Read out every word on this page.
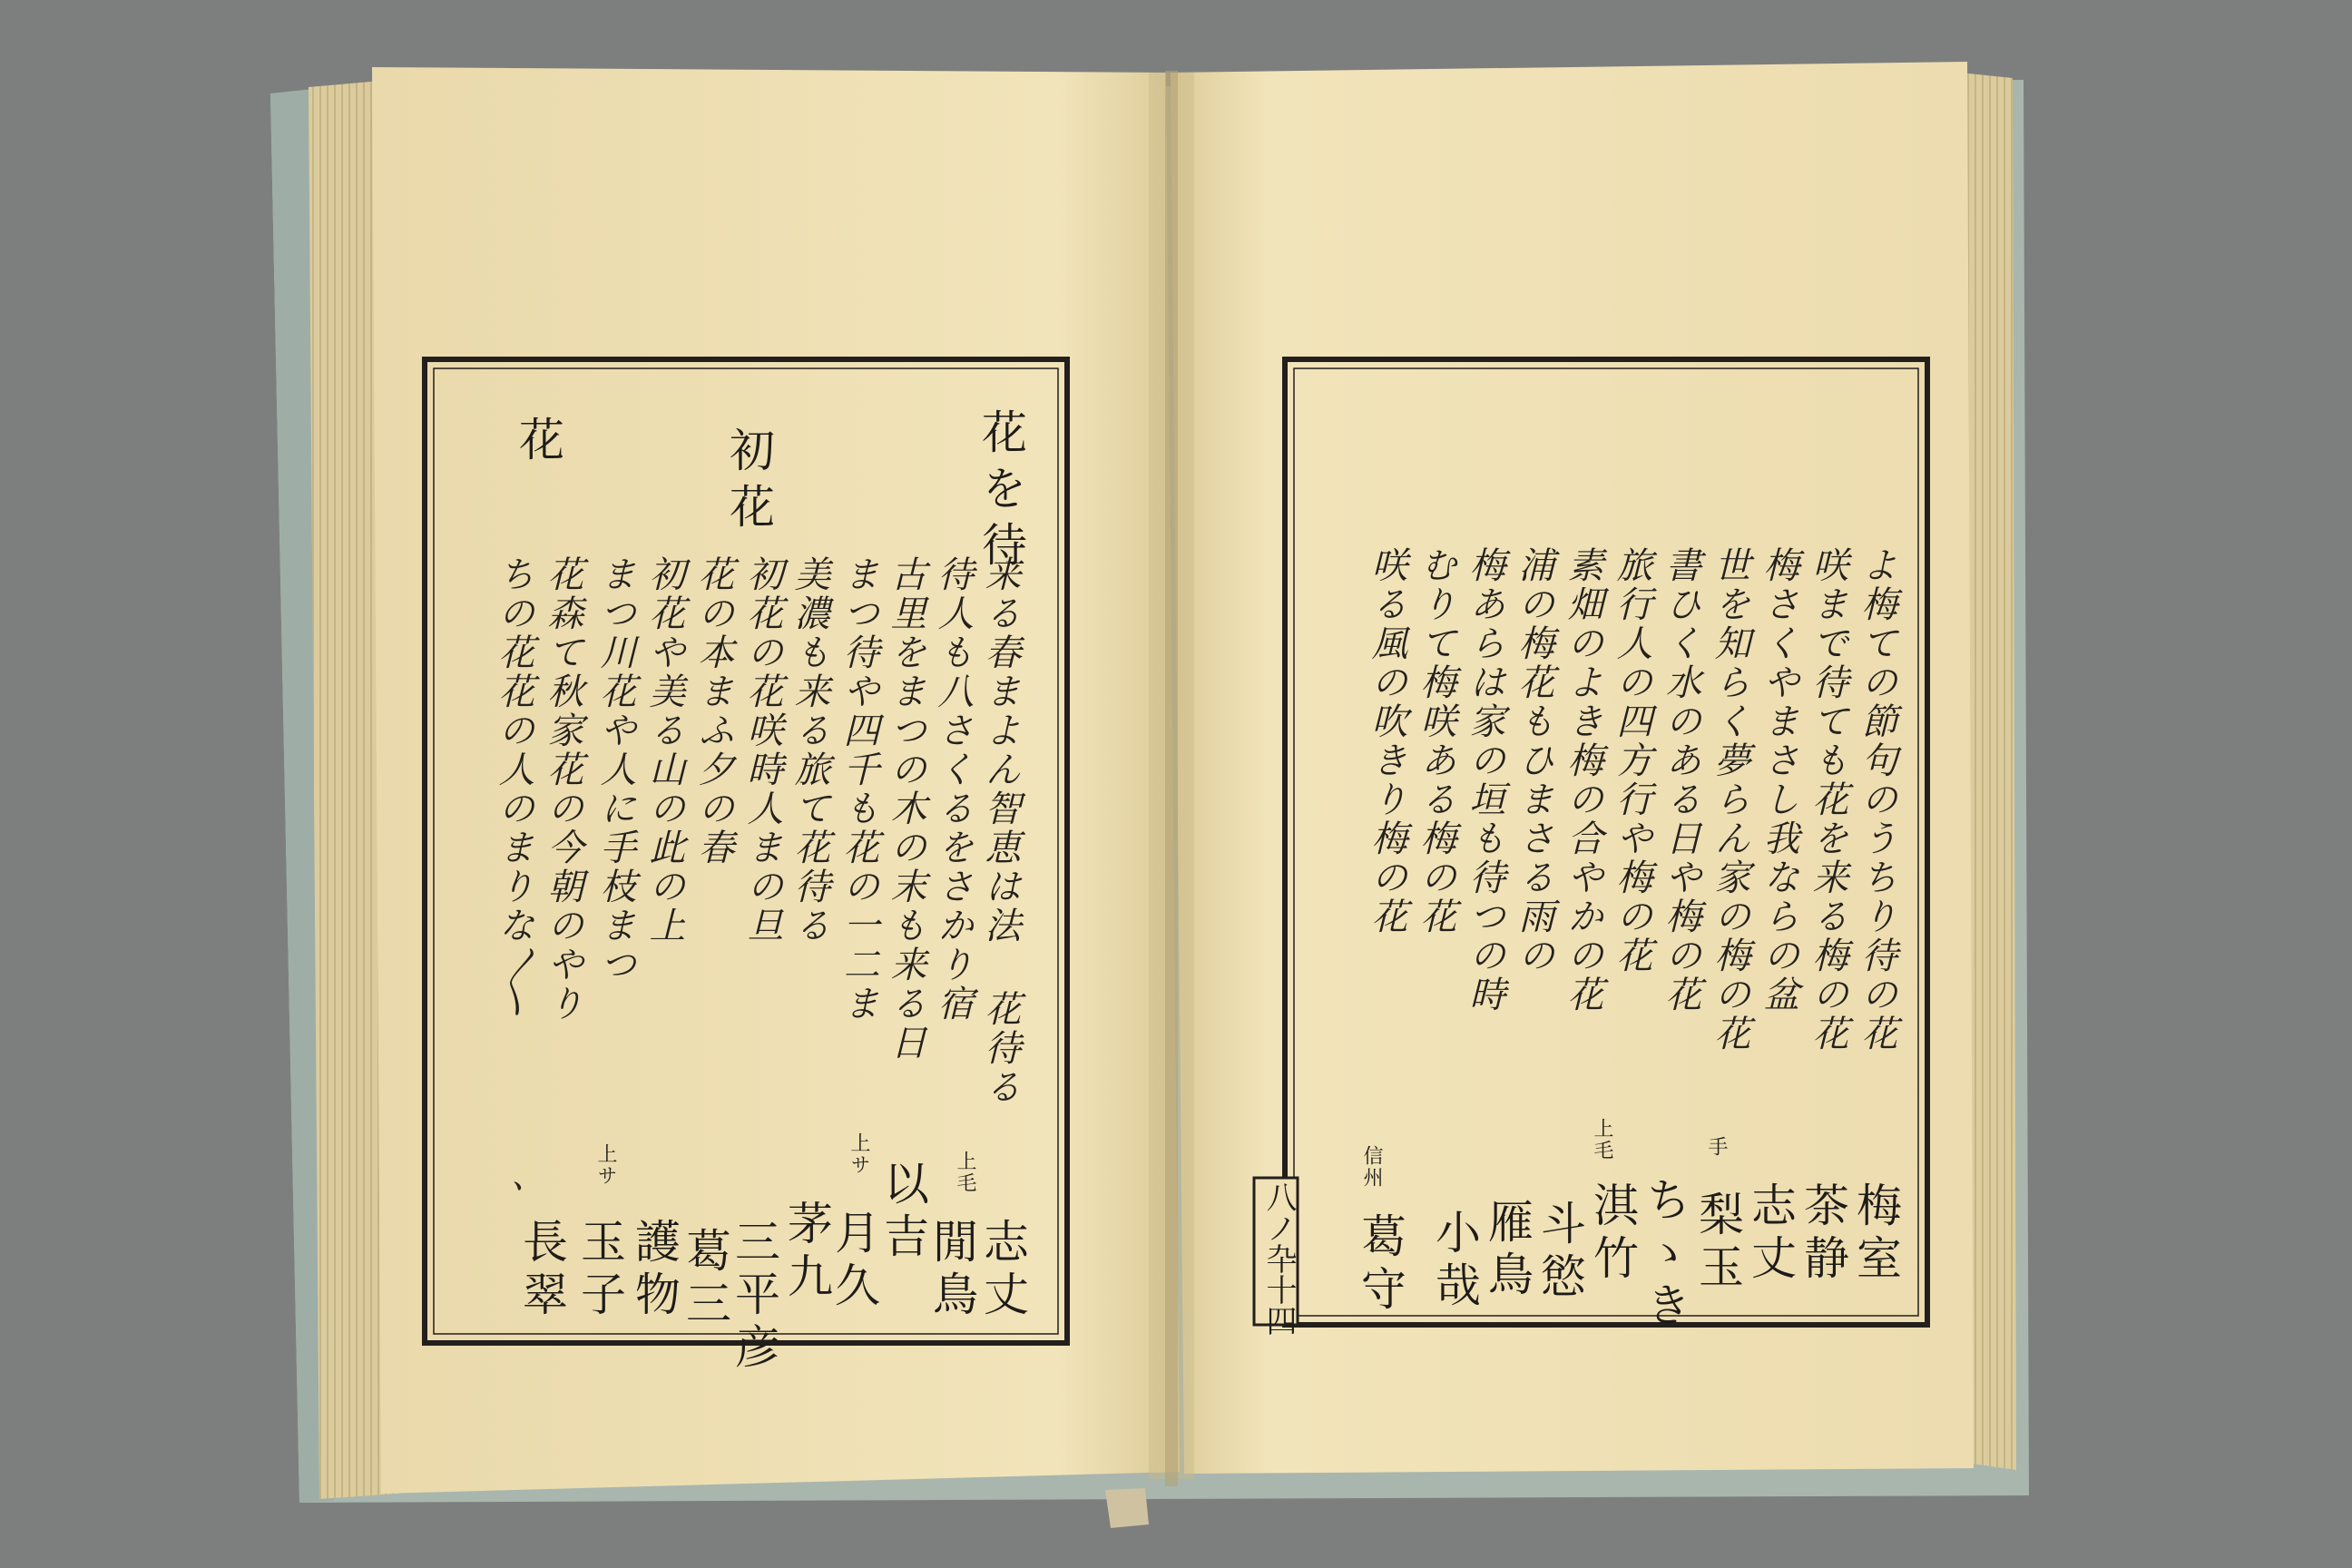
花を待
来る春まよん智恵は法 花待る
上毛
志丈
待人も八さくるをさかり宿
閒鳥
古里をまつの木の末も来る日
以吉
まつ待や四千も花の一二ま
上サ
月久
美濃も来る旅て花待る
茅九
初花
初花の花咲時人まの旦
三平彦
花の本まふ夕の春
葛三
初花や美る山の此の上
護物
まつ川花や人に手枝まつ
上サ
玉子
花
花森て秋家花の今朝のやり
長翠
ちの花花の人のまりな〳〵
、
よ梅ての節句のうちり待の花
梅室
咲まで待ても花を来る梅の花
茶静
梅さくやまさし我ならの盆
志丈
世を知らく夢らん家の梅の花
手
梨玉
書ひく水のある日や梅の花
ちゝき
旅行人の四方行や梅の花
上毛
淇竹
素畑のよき梅の合やかの花
斗慾
浦の梅花もひまさる雨の
雁鳥
梅あらは家の垣も待つの時
小哉
むりて梅咲ある梅の花
信州
葛守
咲る風の吹きり梅の花
八ノ卆十四
